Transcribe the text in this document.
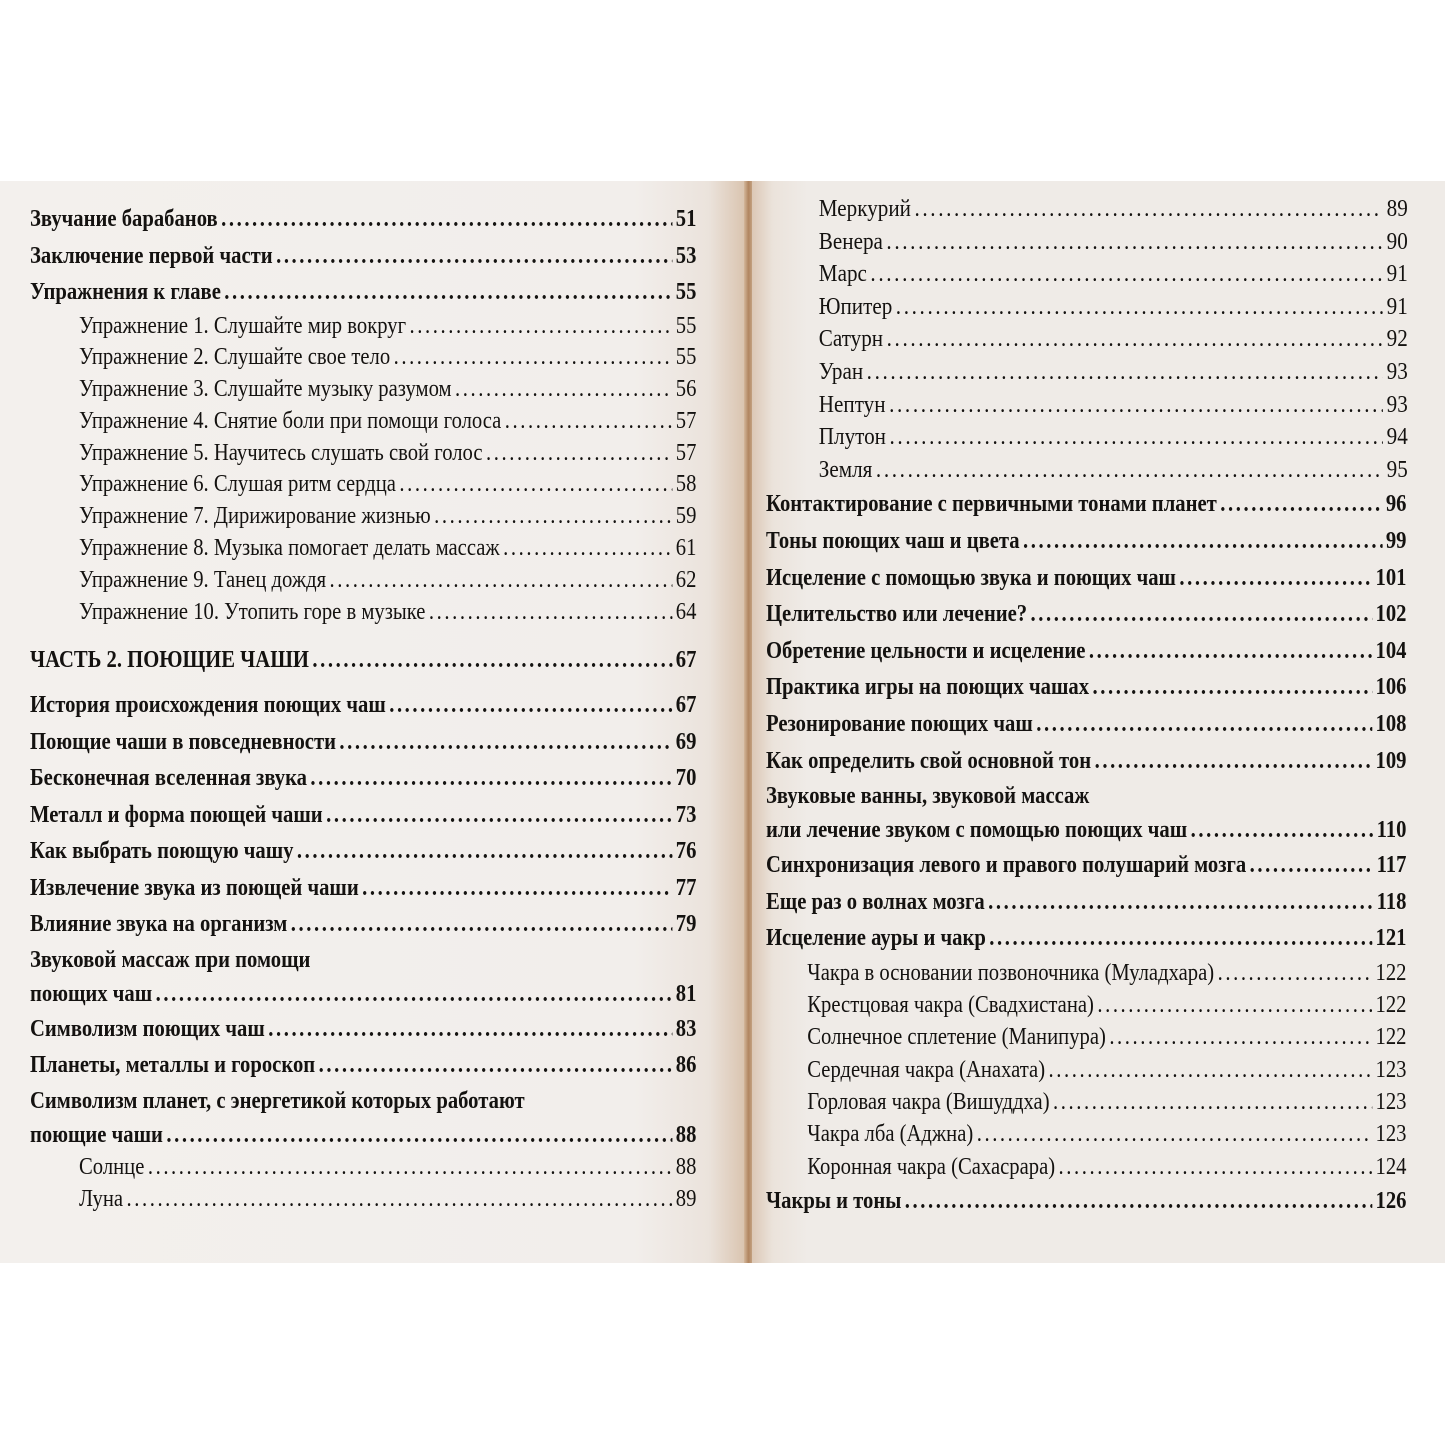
Звучание барабанов .....	51
Заключение первой части .....	53
Упражнения к главе .....	55
Упражнение 1. Слушайте мир вокруг .....	55
Упражнение 2. Слушайте свое тело .....	55
Упражнение 3. Слушайте музыку разумом .....	56
Упражнение 4. Снятие боли при помощи голоса .....	57
Упражнение 5. Научитесь слушать свой голос .....	57
Упражнение 6. Слушая ритм сердца .....	58
Упражнение 7. Дирижирование жизнью .....	59
Упражнение 8. Музыка помогает делать массаж .....	61
Упражнение 9. Танец дождя .....	62
Упражнение 10. Утопить горе в музыке .....	64
ЧАСТЬ 2. ПОЮЩИЕ ЧАШИ .....	67
История происхождения поющих чаш .....	67
Поющие чаши в повседневности .....	69
Бесконечная вселенная звука .....	70
Металл и форма поющей чаши .....	73
Как выбрать поющую чашу .....	76
Извлечение звука из поющей чаши .....	77
Влияние звука на организм .....	79
Звуковой массаж при помощи
поющих чаш .....	81
Символизм поющих чаш .....	83
Планеты, металлы и гороскоп .....	86
Символизм планет, с энергетикой которых работают
поющие чаши .....	88
Солнце .....	88
Луна .....	89
Меркурий .....	89
Венера .....	90
Марс .....	91
Юпитер .....	91
Сатурн .....	92
Уран .....	93
Нептун .....	93
Плутон .....	94
Земля .....	95
Контактирование с первичными тонами планет .....	96
Тоны поющих чаш и цвета .....	99
Исцеление с помощью звука и поющих чаш .....	101
Целительство или лечение? .....	102
Обретение цельности и исцеление .....	104
Практика игры на поющих чашах .....	106
Резонирование поющих чаш .....	108
Как определить свой основной тон .....	109
Звуковые ванны, звуковой массаж
или лечение звуком с помощью поющих чаш .....	110
Синхронизация левого и правого полушарий мозга .....	117
Еще раз о волнах мозга .....	118
Исцеление ауры и чакр .....	121
Чакра в основании позвоночника (Муладхара) .....	122
Крестцовая чакра (Свадхистана) .....	122
Солнечное сплетение (Манипура) .....	122
Сердечная чакра (Анахата) .....	123
Горловая чакра (Вишуддха) .....	123
Чакра лба (Аджна) .....	123
Коронная чакра (Сахасрара) .....	124
Чакры и тоны .....	126
